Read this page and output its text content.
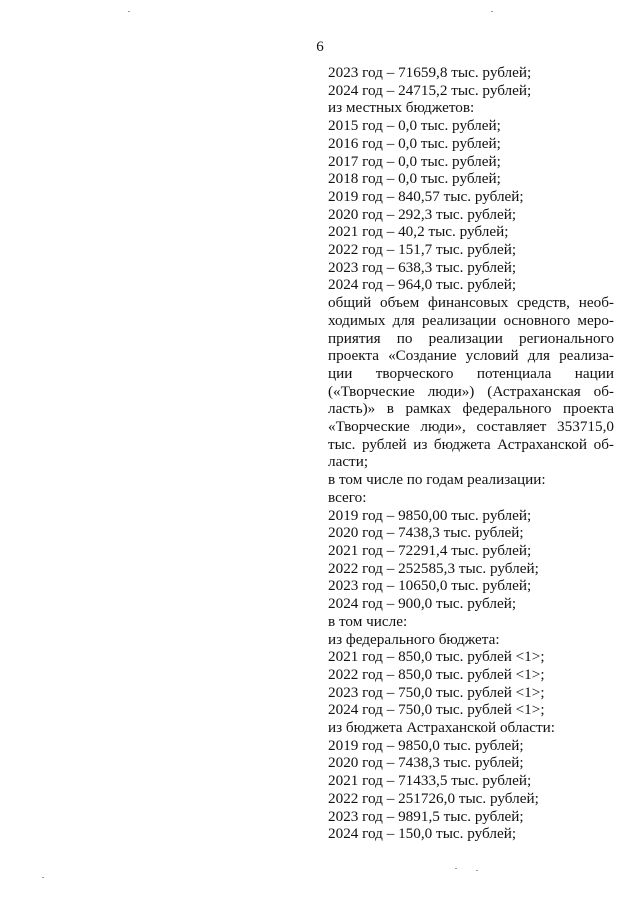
6
2023 год – 71659,8 тыс. рублей;
2024 год – 24715,2 тыс. рублей;
из местных бюджетов:
2015 год – 0,0 тыс. рублей;
2016 год – 0,0 тыс. рублей;
2017 год – 0,0 тыс. рублей;
2018 год – 0,0 тыс. рублей;
2019 год – 840,57 тыс. рублей;
2020 год – 292,3 тыс. рублей;
2021 год – 40,2 тыс. рублей;
2022 год – 151,7 тыс. рублей;
2023 год – 638,3 тыс. рублей;
2024 год – 964,0 тыс. рублей;
общий объем финансовых средств, необ-
ходимых для реализации основного меро-
приятия по реализации регионального
проекта «Создание условий для реализа-
ции творческого потенциала нации
(«Творческие люди») (Астраханская об-
ласть)» в рамках федерального проекта
«Творческие люди», составляет 353715,0
тыс. рублей из бюджета Астраханской об-
ласти;
в том числе по годам реализации:
всего:
2019 год – 9850,00 тыс. рублей;
2020 год – 7438,3 тыс. рублей;
2021 год – 72291,4 тыс. рублей;
2022 год – 252585,3 тыс. рублей;
2023 год – 10650,0 тыс. рублей;
2024 год – 900,0 тыс. рублей;
в том числе:
из федерального бюджета:
2021 год – 850,0 тыс. рублей <1>;
2022 год – 850,0 тыс. рублей <1>;
2023 год – 750,0 тыс. рублей <1>;
2024 год – 750,0 тыс. рублей <1>;
из бюджета Астраханской области:
2019 год – 9850,0 тыс. рублей;
2020 год – 7438,3 тыс. рублей;
2021 год – 71433,5 тыс. рублей;
2022 год – 251726,0 тыс. рублей;
2023 год – 9891,5 тыс. рублей;
2024 год – 150,0 тыс. рублей;
